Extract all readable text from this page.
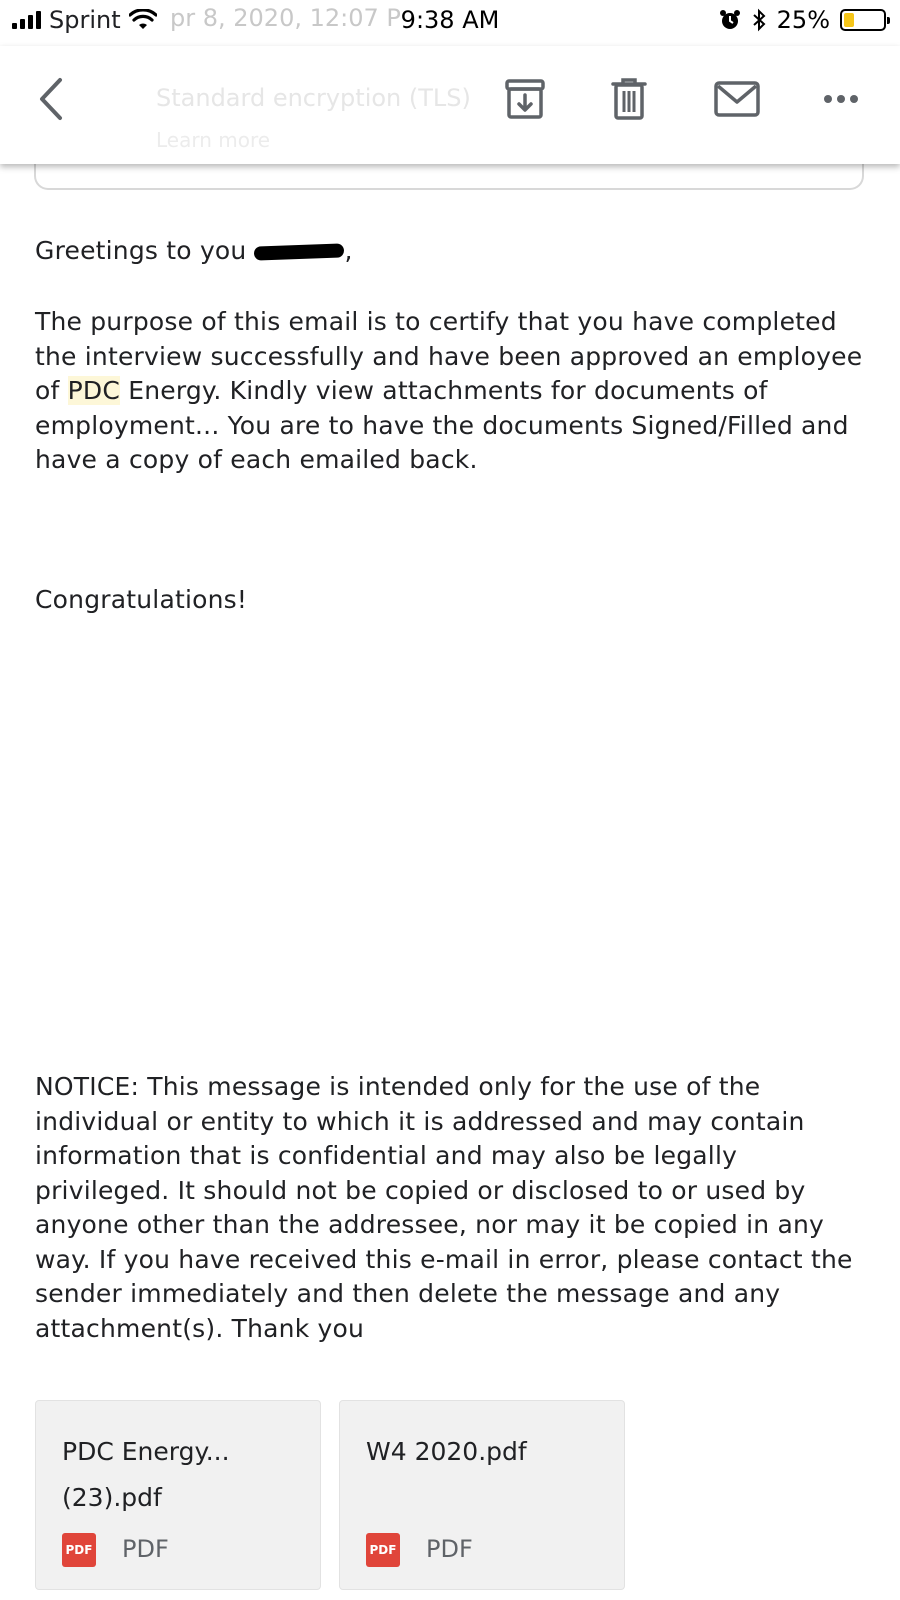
Sprint pr 8, 2020, 12:07 P 9:38 AM	25%
Standard encryption (TLS)
Learn more
Greetings to you	,
The purpose of this email is to certify that you have completed the interview successfully and have been approved an employee of PDC Energy. Kindly view attachments for documents of employment... You are to have the documents Signed/Filled and have a copy of each emailed back.
Congratulations!
NOTICE: This message is intended only for the use of the individual or entity to which it is addressed and may contain information that is confidential and may also be legally privileged. It should not be copied or disclosed to or used by anyone other than the addressee, nor may it be copied in any way. If you have received this e-mail in error, please contact the sender immediately and then delete the message and any attachment(s). Thank you
PDC Energy... (23).pdf
PDF PDF
W4 2020.pdf
PDF PDF
